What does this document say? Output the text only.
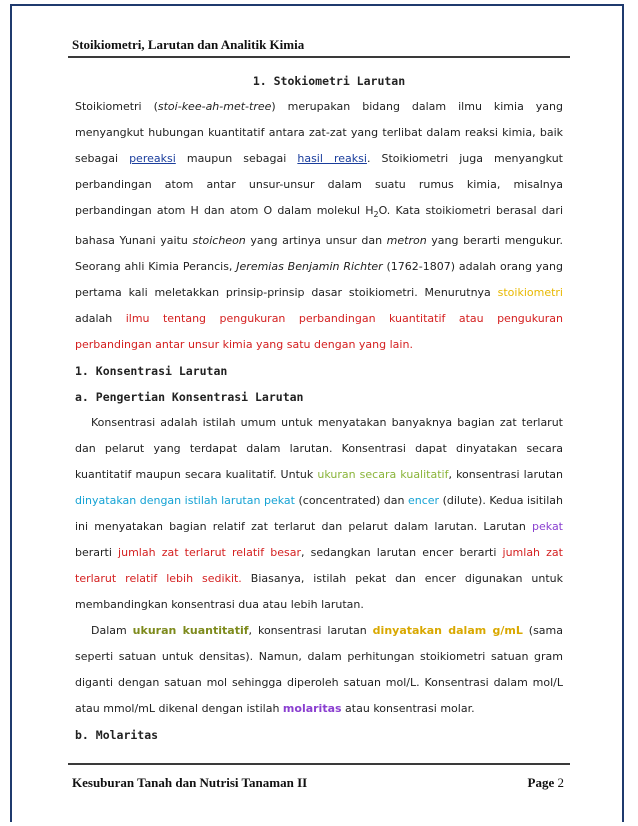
Stoikiometri, Larutan dan Analitik Kimia

1. Stokiometri Larutan

Stoikiometri (stoi-kee-ah-met-tree) merupakan bidang dalam ilmu kimia yang menyangkut hubungan kuantitatif antara zat-zat yang terlibat dalam reaksi kimia, baik sebagai pereaksi maupun sebagai hasil reaksi. Stoikiometri juga menyangkut perbandingan atom antar unsur-unsur dalam suatu rumus kimia, misalnya perbandingan atom H dan atom O dalam molekul $H_2O$. Kata stoikiometri berasal dari bahasa Yunani yaitu stoicheon yang artinya unsur dan metron yang berarti mengukur. Seorang ahli Kimia Perancis, Jeremias Benjamin Richter (1762-1807) adalah orang yang pertama kali meletakkan prinsip-prinsip dasar stoikiometri. Menurutnya stoikiometri adalah ilmu tentang pengukuran perbandingan kuantitatif atau pengukuran perbandingan antar unsur kimia yang satu dengan yang lain.

1. Konsentrasi Larutan

a. Pengertian Konsentrasi Larutan

Konsentrasi adalah istilah umum untuk menyatakan banyaknya bagian zat terlarut dan pelarut yang terdapat dalam larutan. Konsentrasi dapat dinyatakan secara kuantitatif maupun secara kualitatif. Untuk ukuran secara kualitatif, konsentrasi larutan dinyatakan dengan istilah larutan pekat (concentrated) dan encer (dilute). Kedua isitilah ini menyatakan bagian relatif zat terlarut dan pelarut dalam larutan. Larutan pekat berarti jumlah zat terlarut relatif besar, sedangkan larutan encer berarti jumlah zat terlarut relatif lebih sedikit. Biasanya, istilah pekat dan encer digunakan untuk membandingkan konsentrasi dua atau lebih larutan.

Dalam ukuran kuantitatif, konsentrasi larutan dinyatakan dalam g/mL (sama seperti satuan untuk densitas). Namun, dalam perhitungan stoikiometri satuan gram diganti dengan satuan mol sehingga diperoleh satuan mol/L. Konsentrasi dalam mol/L atau mmol/mL dikenal dengan istilah molaritas atau konsentrasi molar.

b. Molaritas

Kesuburan Tanah dan Nutrisi Tanaman II	Page 2
